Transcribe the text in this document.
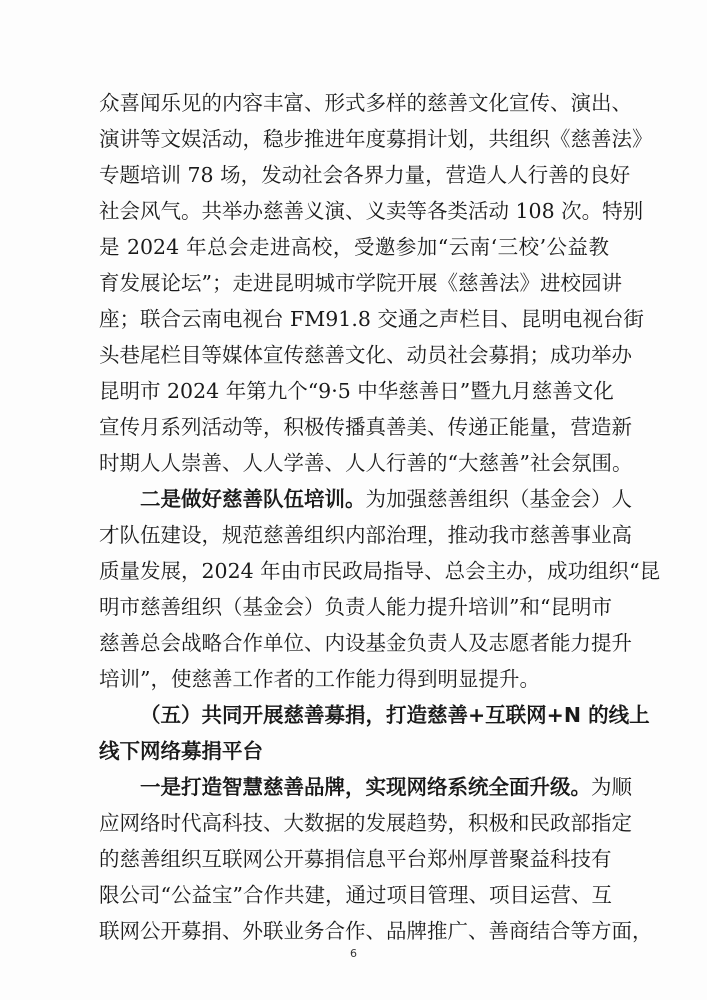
众喜闻乐见的内容丰富、形式多样的慈善文化宣传、演出、
演讲等文娱活动，稳步推进年度募捐计划，共组织《慈善法》
专题培训 78 场，发动社会各界力量，营造人人行善的良好
社会风气。共举办慈善义演、义卖等各类活动 108 次。特别
是 2024 年总会走进高校，受邀参加“云南‘三校’公益教
育发展论坛”；走进昆明城市学院开展《慈善法》进校园讲
座；联合云南电视台 FM91.8 交通之声栏目、昆明电视台街
头巷尾栏目等媒体宣传慈善文化、动员社会募捐；成功举办
昆明市 2024 年第九个“9·5 中华慈善日”暨九月慈善文化
宣传月系列活动等，积极传播真善美、传递正能量，营造新
时期人人崇善、人人学善、人人行善的“大慈善”社会氛围。
二是做好慈善队伍培训。为加强慈善组织（基金会）人
才队伍建设，规范慈善组织内部治理，推动我市慈善事业高
质量发展，2024 年由市民政局指导、总会主办，成功组织“昆
明市慈善组织（基金会）负责人能力提升培训”和“昆明市
慈善总会战略合作单位、内设基金负责人及志愿者能力提升
培训”，使慈善工作者的工作能力得到明显提升。
（五）共同开展慈善募捐，打造慈善+互联网+N 的线上
线下网络募捐平台
一是打造智慧慈善品牌，实现网络系统全面升级。为顺
应网络时代高科技、大数据的发展趋势，积极和民政部指定
的慈善组织互联网公开募捐信息平台郑州厚普聚益科技有
限公司“公益宝”合作共建，通过项目管理、项目运营、互
联网公开募捐、外联业务合作、品牌推广、善商结合等方面，
6
